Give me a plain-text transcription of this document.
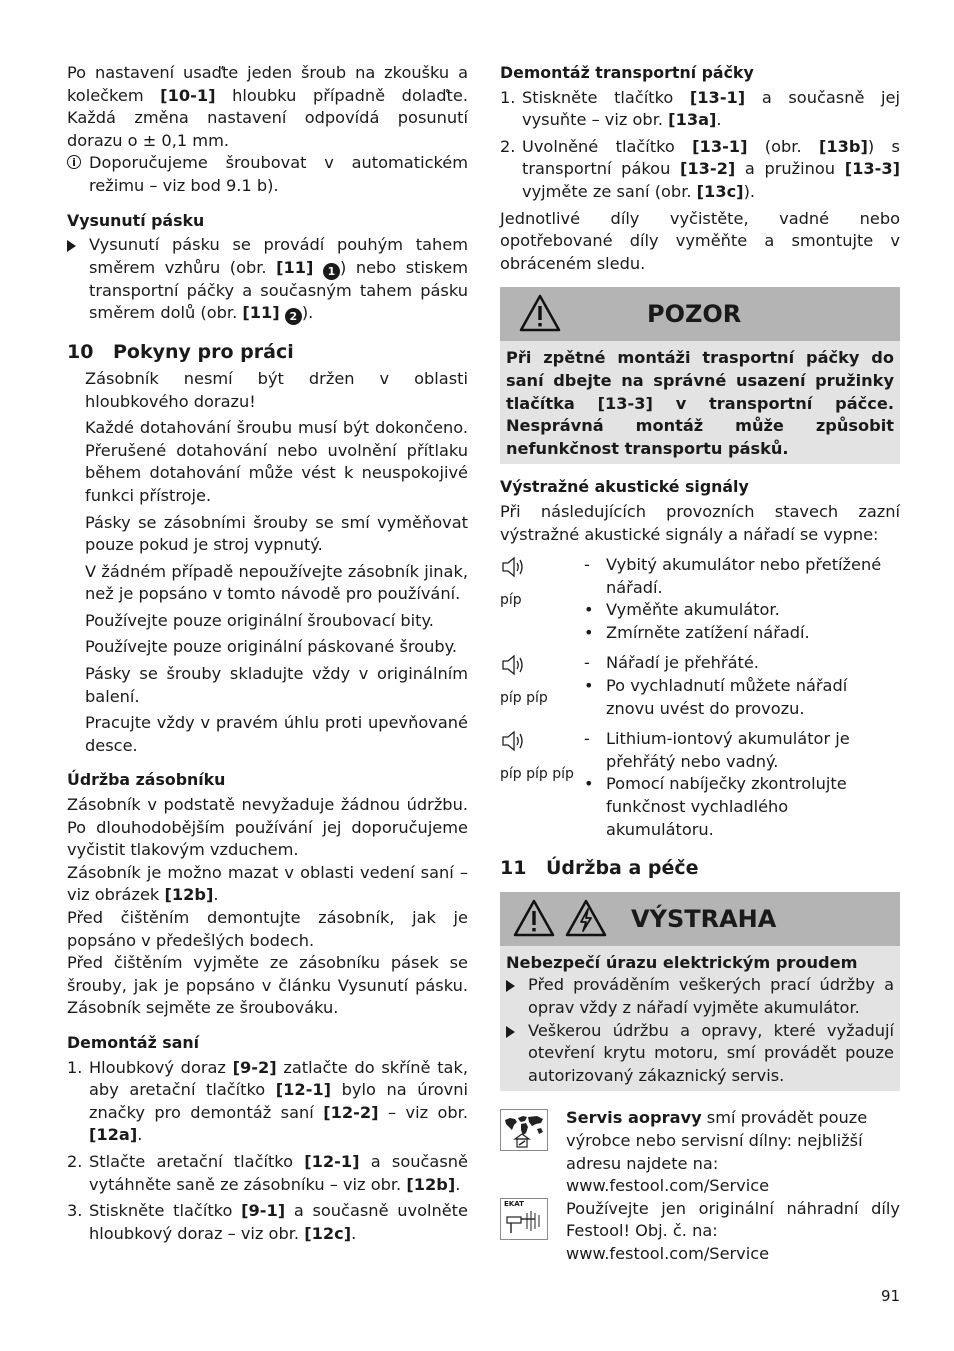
Po nastavení usaďte jeden šroub na zkoušku a kolečkem [10-1] hloubku případně dolaďte. Každá změna nastavení odpovídá posunutí dorazu o ± 0,1 mm.

i Doporučujeme šroubovat v automatickém režimu – viz bod 9.1 b).

Vysunutí pásku

Vysunutí pásku se provádí pouhým tahem směrem vzhůru (obr. [11] 1 ) nebo stiskem transportní páčky a současným tahem pásku směrem dolů (obr. [11] 2 ).

10 Pokyny pro práci

Zásobník nesmí být držen v oblasti hloubkového dorazu!

Každé dotahování šroubu musí být dokončeno. Přerušené dotahování nebo uvolnění přítlaku během dotahování může vést k neuspokojivé funkci přístroje.

Pásky se zásobními šrouby se smí vyměňovat pouze pokud je stroj vypnutý.

V žádném případě nepoužívejte zásobník jinak, než je popsáno v tomto návodě pro používání.

Používejte pouze originální šroubovací bity.

Používejte pouze originální páskované šrouby.

Pásky se šrouby skladujte vždy v originálním balení.

Pracujte vždy v pravém úhlu proti upevňované desce.

Údržba zásobníku

Zásobník v podstatě nevyžaduje žádnou údržbu. Po dlouhodobějším používání jej doporučujeme vyčistit tlakovým vzduchem.

Zásobník je možno mazat v oblasti vedení saní – viz obrázek [12b].

Před čištěním demontujte zásobník, jak je popsáno v předešlých bodech.

Před čištěním vyjměte ze zásobníku pásek se šrouby, jak je popsáno v článku Vysunutí pásku. Zásobník sejměte ze šroubováku.

Demontáž saní

1. Hloubkový doraz [9-2] zatlačte do skříně tak, aby aretační tlačítko [12-1] bylo na úrovni značky pro demontáž saní [12-2] – viz obr. [12a].

2. Stlačte aretační tlačítko [12-1] a současně vytáhněte saně ze zásobníku – viz obr. [12b].

3. Stiskněte tlačítko [9-1] a současně uvolněte hloubkový doraz – viz obr. [12c].

Demontáž transportní páčky

1. Stiskněte tlačítko [13-1] a současně jej vysuňte – viz obr. [13a].

2. Uvolněné tlačítko [13-1] (obr. [13b]) s transportní pákou [13-2] a pružinou [13-3] vyjměte ze saní (obr. [13c]).

Jednotlivé díly vyčistěte, vadné nebo opotřebované díly vyměňte a smontujte v obráceném sledu.

POZOR

Při zpětné montáži trasportní páčky do saní dbejte na správné usazení pružinky tlačítka [13-3] v transportní páčce. Nesprávná montáž může způsobit nefunkčnost transportu pásků.

Výstražné akustické signály

Při následujících provozních stavech zazní výstražné akustické signály a nářadí se vypne:

píp
- Vybitý akumulátor nebo přetížené nářadí.
• Vyměňte akumulátor.
• Zmírněte zatížení nářadí.
píp píp
- Nářadí je přehřáté.
• Po vychladnutí můžete nářadí znovu uvést do provozu.
píp píp píp
- Lithium-iontový akumulátor je přehřátý nebo vadný.
• Pomocí nabíječky zkontrolujte funkčnost vychladlého akumulátoru.

11 Údržba a péče

VÝSTRAHA

Nebezpečí úrazu elektrickým proudem

Před prováděním veškerých prací údržby a oprav vždy z nářadí vyjměte akumulátor.

Veškerou údržbu a opravy, které vyžadují otevření krytu motoru, smí provádět pouze autorizovaný zákaznický servis.

Servis aopravy smí provádět pouze výrobce nebo servisní dílny: nejbližší adresu najdete na:

www.festool.com/Service

EKAT	Používejte jen originální náhradní díly Festool! Obj. č. na:

www.festool.com/Service

91
